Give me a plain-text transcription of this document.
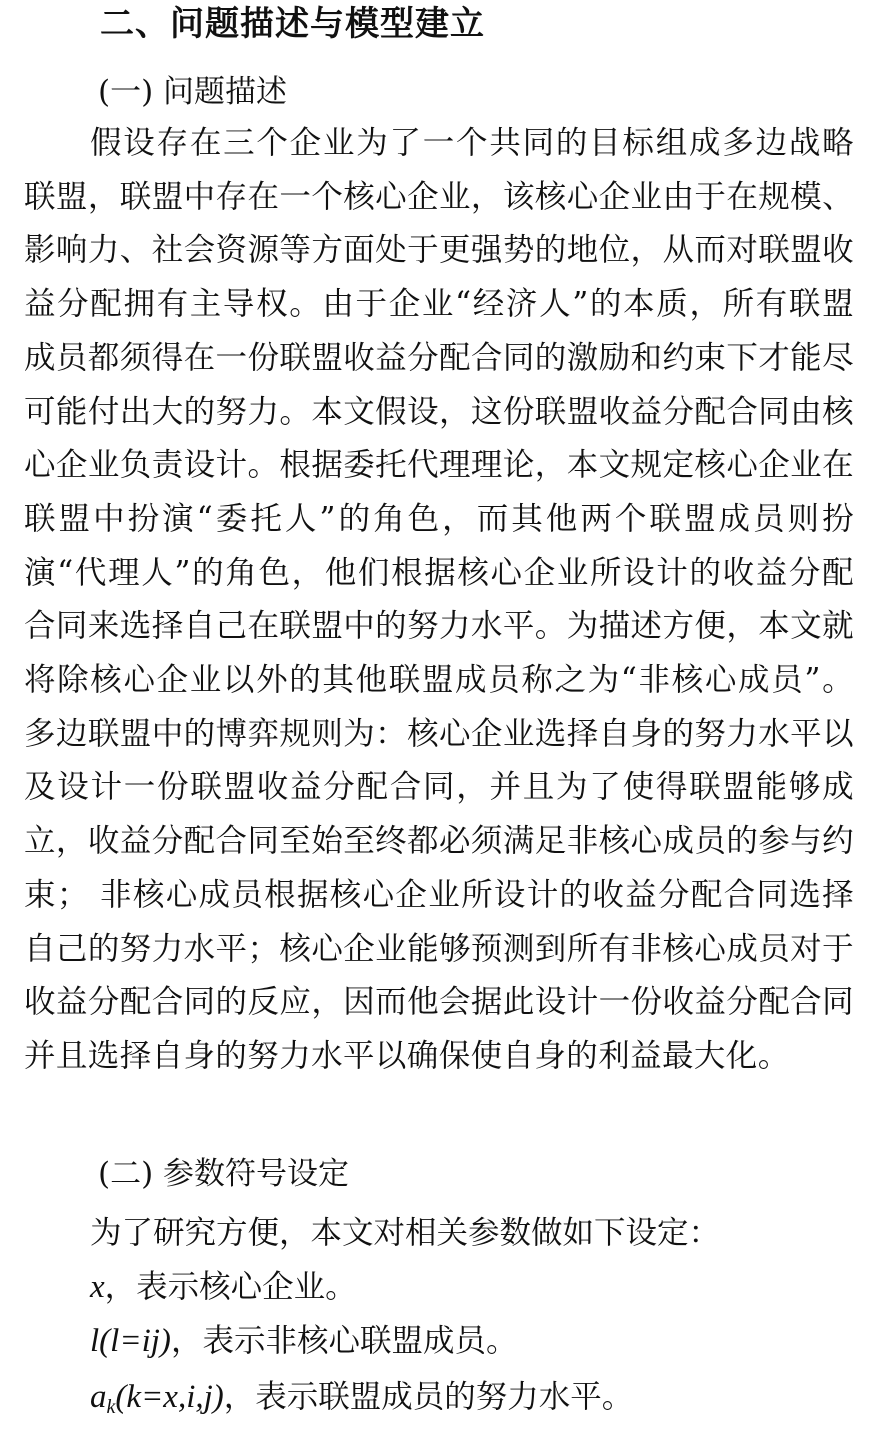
二、问题描述与模型建立
(一) 问题描述

假设存在三个企业为了一个共同的目标组成多边战略联盟，联盟中存在一个核心企业，该核心企业由于在规模、影响力、社会资源等方面处于更强势的地位，从而对联盟收益分配拥有主导权。由于企业“经济人”的本质，所有联盟成员都须得在一份联盟收益分配合同的激励和约束下才能尽可能付出大的努力。本文假设，这份联盟收益分配合同由核心企业负责设计。根据委托代理理论，本文规定核心企业在联盟中扮演“委托人”的角色，而其他两个联盟成员则扮演“代理人”的角色，他们根据核心企业所设计的收益分配合同来选择自己在联盟中的努力水平。为描述方便，本文就将除核心企业以外的其他联盟成员称之为“非核心成员”。多边联盟中的博弈规则为：核心企业选择自身的努力水平以及设计一份联盟收益分配合同，并且为了使得联盟能够成立，收益分配合同至始至终都必须满足非核心成员的参与约束； 非核心成员根据核心企业所设计的收益分配合同选择自己的努力水平；核心企业能够预测到所有非核心成员对于收益分配合同的反应，因而他会据此设计一份收益分配合同并且选择自身的努力水平以确保使自身的利益最大化。

(二) 参数符号设定
为了研究方便，本文对相关参数做如下设定：
x，表示核心企业。
l(l=ij)，表示非核心联盟成员。
$a_k(k=x,i,j)$，表示联盟成员的努力水平。
